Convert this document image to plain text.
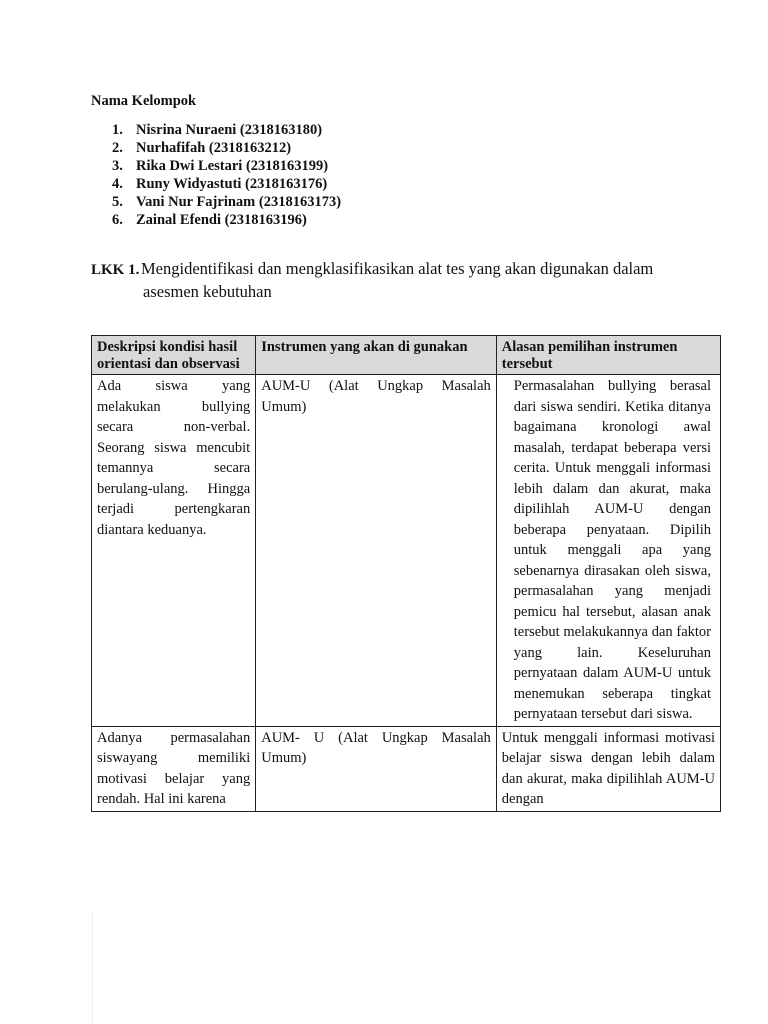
Nama Kelompok
1. Nisrina Nuraeni (2318163180)
2. Nurhafifah (2318163212)
3. Rika Dwi Lestari (2318163199)
4. Runy Widyastuti (2318163176)
5. Vani Nur Fajrinam (2318163173)
6. Zainal Efendi (2318163196)
LKK 1. Mengidentifikasi dan mengklasifikasikan alat tes yang akan digunakan dalam
asesmen kebutuhan
Deskripsi kondisi hasil orientasi dan observasi	Instrumen yang akan di gunakan	Alasan pemilihan instrumen tersebut
Ada siswa yang melakukan bullying secara non-verbal. Seorang siswa mencubit temannya secara berulang-ulang. Hingga terjadi pertengkaran diantara keduanya.	AUM-U (Alat Ungkap Masalah Umum)	Permasalahan bullying berasal dari siswa sendiri. Ketika ditanya bagaimana kronologi awal masalah, terdapat beberapa versi cerita. Untuk menggali informasi lebih dalam dan akurat, maka dipilihlah AUM-U dengan beberapa penyataan. Dipilih untuk menggali apa yang sebenarnya dirasakan oleh siswa, permasalahan yang menjadi pemicu hal tersebut, alasan anak tersebut melakukannya dan faktor yang lain. Keseluruhan pernyataan dalam AUM-U untuk menemukan seberapa tingkat pernyataan tersebut dari siswa.
Adanya permasalahan siswayang memiliki motivasi belajar yang rendah. Hal ini karena	AUM- U (Alat Ungkap Masalah Umum)	Untuk menggali informasi motivasi belajar siswa dengan lebih dalam dan akurat, maka dipilihlah AUM-U dengan
